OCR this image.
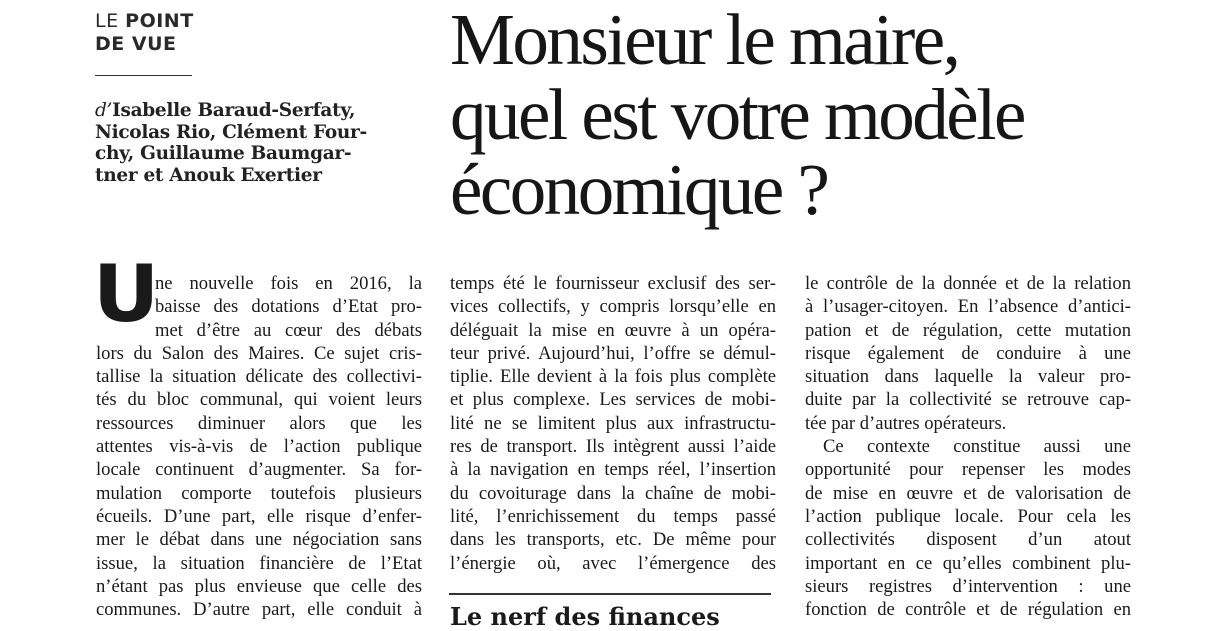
LE POINT
DE VUE
d’Isabelle Baraud-Serfaty,
Nicolas Rio, Clément Four-
chy, Guillaume Baumgar-
tner et Anouk Exertier
Monsieur le maire,
quel est votre modèle
économique ?
U
ne nouvelle fois en 2016, la
baisse des dotations d’Etat pro-
met d’être au cœur des débats
lors du Salon des Maires. Ce sujet cris-
tallise la situation délicate des collectivi-
tés du bloc communal, qui voient leurs
ressources diminuer alors que les
attentes vis-à-vis de l’action publique
locale continuent d’augmenter. Sa for-
mulation comporte toutefois plusieurs
écueils. D’une part, elle risque d’enfer-
mer le débat dans une négociation sans
issue, la situation financière de l’Etat
n’étant pas plus envieuse que celle des
communes. D’autre part, elle conduit à
temps été le fournisseur exclusif des ser-
vices collectifs, y compris lorsqu’elle en
déléguait la mise en œuvre à un opéra-
teur privé. Aujourd’hui, l’offre se démul-
tiplie. Elle devient à la fois plus complète
et plus complexe. Les services de mobi-
lité ne se limitent plus aux infrastructu-
res de transport. Ils intègrent aussi l’aide
à la navigation en temps réel, l’insertion
du covoiturage dans la chaîne de mobi-
lité, l’enrichissement du temps passé
dans les transports, etc. De même pour
l’énergie où, avec l’émergence des
le contrôle de la donnée et de la relation
à l’usager-citoyen. En l’absence d’antici-
pation et de régulation, cette mutation
risque également de conduire à une
situation dans laquelle la valeur pro-
duite par la collectivité se retrouve cap-
tée par d’autres opérateurs.
Ce contexte constitue aussi une
opportunité pour repenser les modes
de mise en œuvre et de valorisation de
l’action publique locale. Pour cela les
collectivités disposent d’un atout
important en ce qu’elles combinent plu-
sieurs registres d’intervention : une
fonction de contrôle et de régulation en
Le nerf des finances
